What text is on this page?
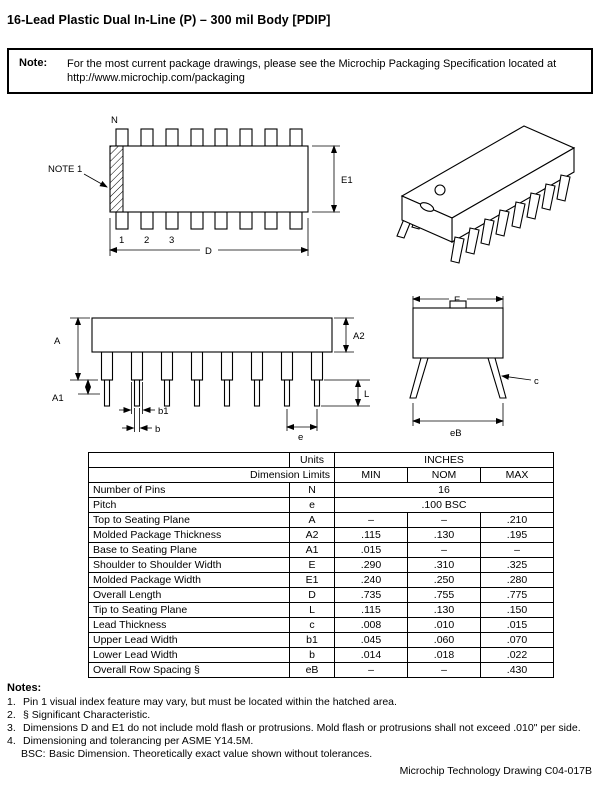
16-Lead Plastic Dual In-Line (P) – 300 mil Body [PDIP]
Note: For the most current package drawings, please see the Microchip Packaging Specification located at
http://www.microchip.com/packaging
N
NOTE 1
E1
D
1 2 3
A	A2
A1	L
b1
b
e
c
eB
	Units	INCHES		
Dimension Limits		MIN	NOM	MAX
Number of Pins	N	16		
Pitch	e	.100 BSC		
Top to Seating Plane	A	–	–	.210
Molded Package Thickness	A2	.115	.130	.195
Base to Seating Plane	A1	.015	–	–
Shoulder to Shoulder Width	E	.290	.310	.325
Molded Package Width	E1	.240	.250	.280
Overall Length	D	.735	.755	.775
Tip to Seating Plane	L	.115	.130	.150
Lead Thickness	c	.008	.010	.015
Upper Lead Width	b1	.045	.060	.070
Lower Lead Width	b	.014	.018	.022
Overall Row Spacing §	eB	–	–	.430
Notes:
1. Pin 1 visual index feature may vary, but must be located within the hatched area.
2. § Significant Characteristic.
3. Dimensions D and E1 do not include mold flash or protrusions. Mold flash or protrusions shall not exceed .010" per side.
4. Dimensioning and tolerancing per ASME Y14.5M.
BSC: Basic Dimension. Theoretically exact value shown without tolerances.
Microchip Technology Drawing C04-017B
